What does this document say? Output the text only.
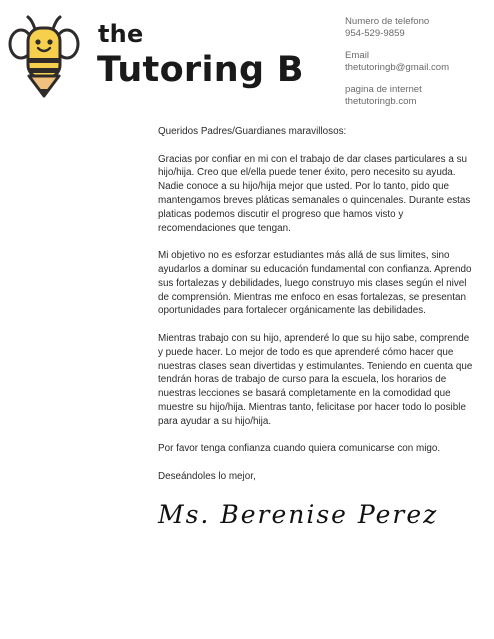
the
Tutoring B
Numero de telefono
954-529-9859
Email
thetutoringb@gmail.com
pagina de internet
thetutoringb.com

Queridos Padres/Guardianes maravillosos:

Gracias por confiar en mi con el trabajo de dar clases particulares a su hijo/hija. Creo que el/ella puede tener éxito, pero necesito su ayuda. Nadie conoce a su hijo/hija mejor que usted. Por lo tanto, pido que mantengamos breves pláticas semanales o quincenales. Durante estas platicas podemos discutir el progreso que hamos visto y recomendaciones que tengan.

Mi objetivo no es esforzar estudiantes más allá de sus limites, sino ayudarlos a dominar su educación fundamental con confianza. Aprendo sus fortalezas y debilidades, luego construyo mis clases según el nivel de comprensión. Mientras me enfoco en esas fortalezas, se presentan oportunidades para fortalecer orgánicamente las debilidades.

Mientras trabajo con su hijo, aprenderé lo que su hijo sabe, comprende y puede hacer. Lo mejor de todo es que aprenderé cómo hacer que nuestras clases sean divertidas y estimulantes. Teniendo en cuenta que tendrán horas de trabajo de curso para la escuela, los horarios de nuestras lecciones se basará completamente en la comodidad que muestre su hijo/hija. Mientras tanto, felicitase por hacer todo lo posible para ayudar a su hijo/hija.

Por favor tenga confianza cuando quiera comunicarse con migo.

Deseándoles lo mejor,

Ms. Berenise Perez
